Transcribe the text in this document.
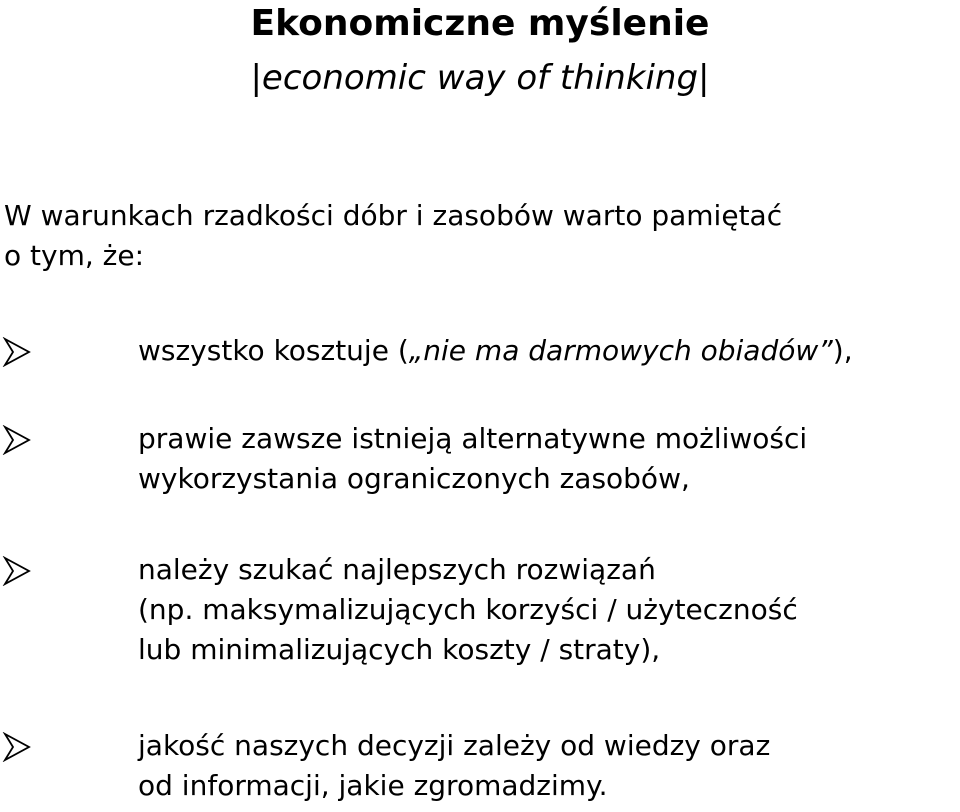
Ekonomiczne myślenie

|economic way of thinking|

W warunkach rzadkości dóbr i zasobów warto pamiętać
o tym, że:
wszystko kosztuje („nie ma darmowych obiadów”),
prawie zawsze istnieją alternatywne możliwości
wykorzystania ograniczonych zasobów,
należy szukać najlepszych rozwiązań
(np. maksymalizujących korzyści / użyteczność
lub minimalizujących koszty / straty),
jakość naszych decyzji zależy od wiedzy oraz
od informacji, jakie zgromadzimy.
